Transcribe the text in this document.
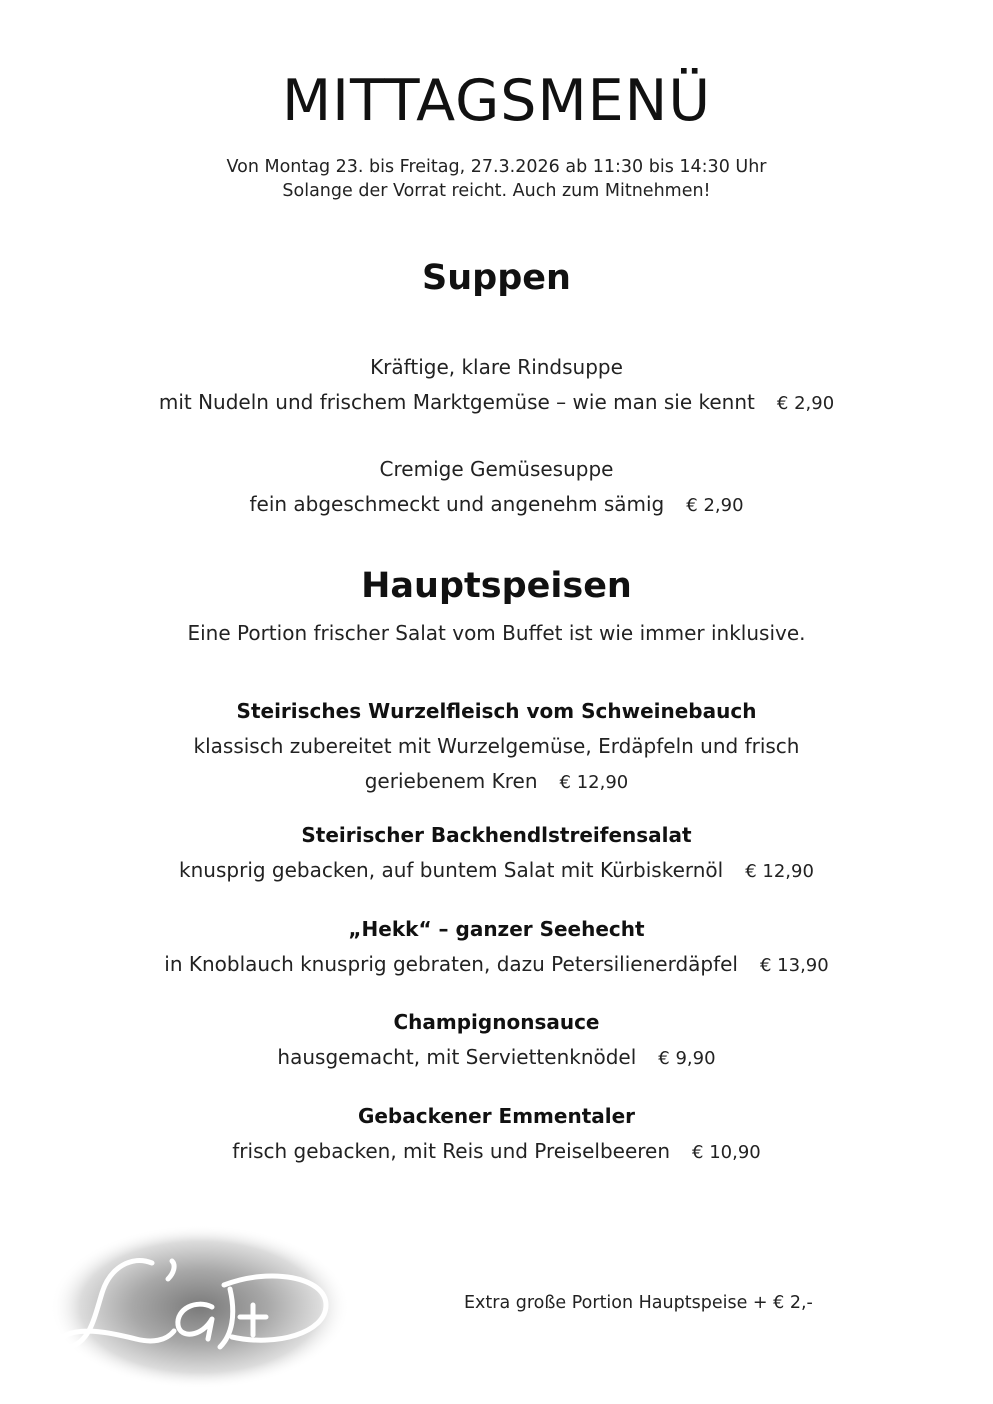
MITTAGSMENÜ
Von Montag 23. bis Freitag, 27.3.2026 ab 11:30 bis 14:30 Uhr
Solange der Vorrat reicht. Auch zum Mitnehmen!
Suppen
Kräftige, klare Rindsuppe
mit Nudeln und frischem Marktgemüse – wie man sie kennt € 2,90
Cremige Gemüsesuppe
fein abgeschmeckt und angenehm sämig € 2,90
Hauptspeisen
Eine Portion frischer Salat vom Buffet ist wie immer inklusive.
Steirisches Wurzelfleisch vom Schweinebauch
klassisch zubereitet mit Wurzelgemüse, Erdäpfeln und frisch
geriebenem Kren € 12,90
Steirischer Backhendlstreifensalat
knusprig gebacken, auf buntem Salat mit Kürbiskernöl € 12,90
„Hekk“ – ganzer Seehecht
in Knoblauch knusprig gebraten, dazu Petersilienerdäpfel € 13,90
Champignonsauce
hausgemacht, mit Serviettenknödel € 9,90
Gebackener Emmentaler
frisch gebacken, mit Reis und Preiselbeeren € 10,90
Extra große Portion Hauptspeise + € 2,-
